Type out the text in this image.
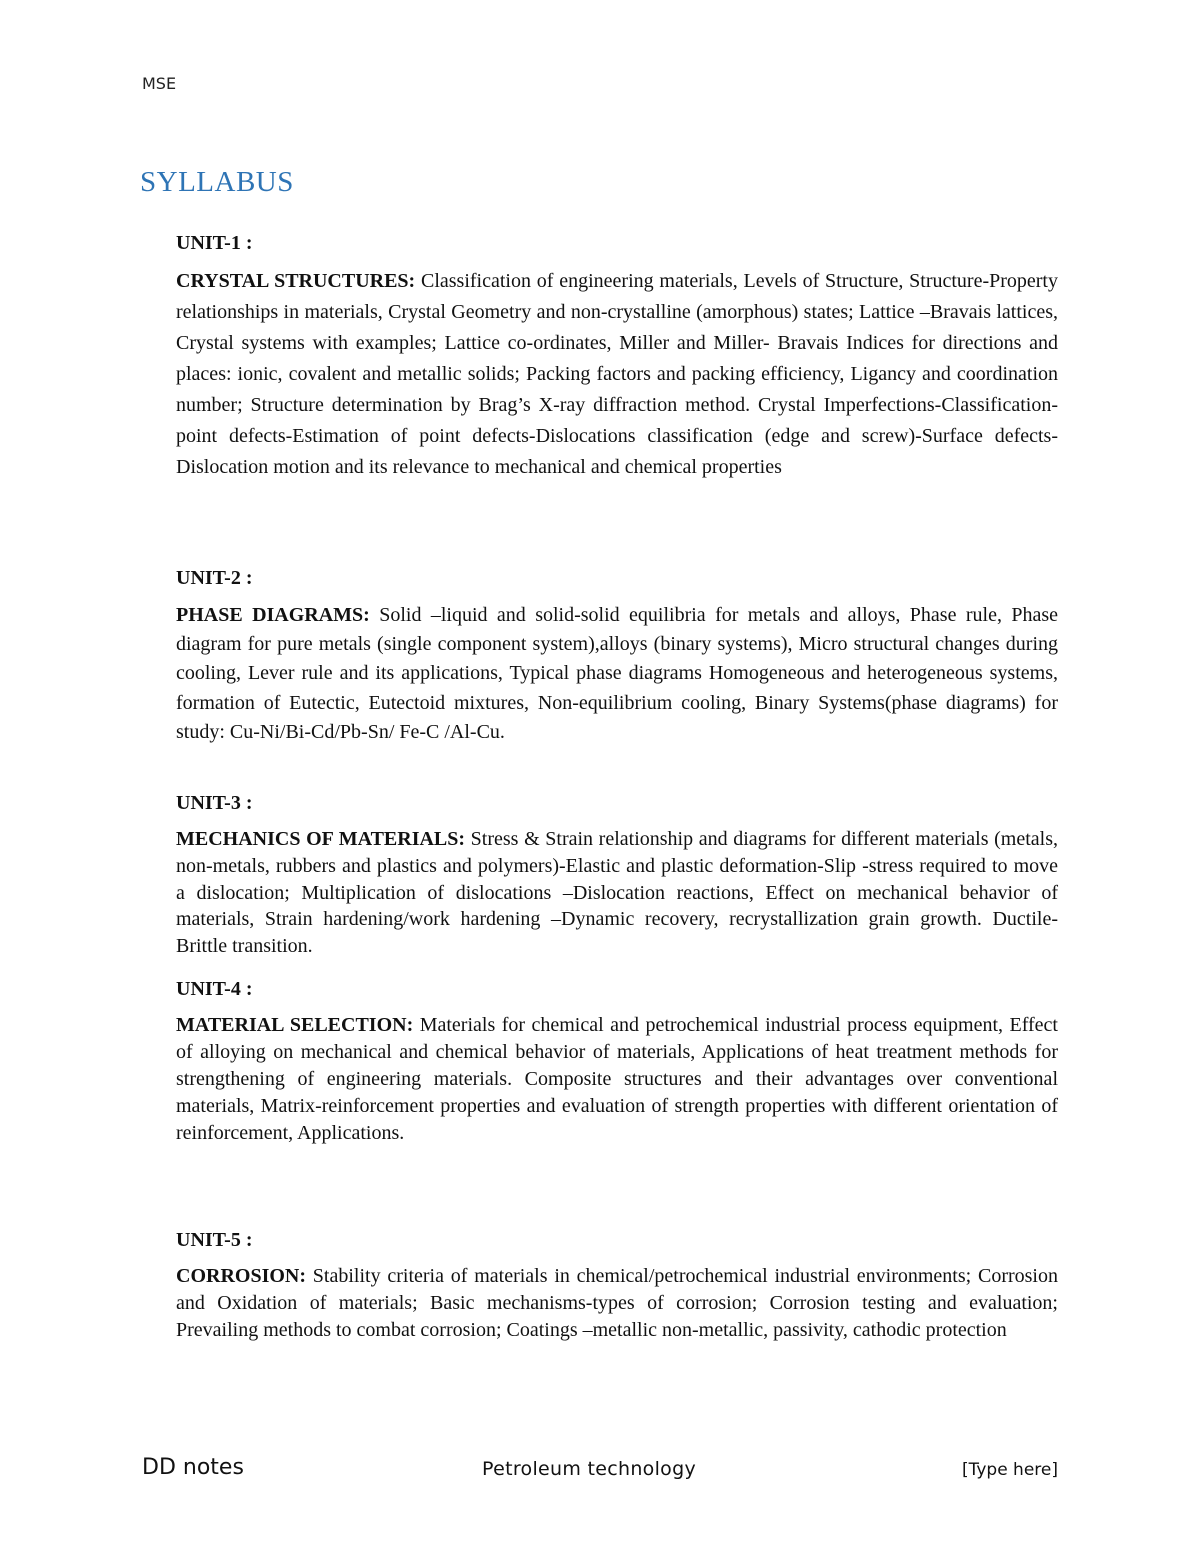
MSE
SYLLABUS
UNIT-1 :

CRYSTAL STRUCTURES: Classification of engineering materials, Levels of Structure, Structure-Property relationships in materials, Crystal Geometry and non-crystalline (amorphous) states; Lattice –Bravais lattices, Crystal systems with examples; Lattice co-ordinates, Miller and Miller- Bravais Indices for directions and places: ionic, covalent and metallic solids; Packing factors and packing efficiency, Ligancy and coordination number; Structure determination by Brag’s X-ray diffraction method. Crystal Imperfections-Classification-point defects-Estimation of point defects-Dislocations classification (edge and screw)-Surface defects-Dislocation motion and its relevance to mechanical and chemical properties

UNIT-2 :

PHASE DIAGRAMS: Solid –liquid and solid-solid equilibria for metals and alloys, Phase rule, Phase diagram for pure metals (single component system),alloys (binary systems), Micro structural changes during cooling, Lever rule and its applications, Typical phase diagrams Homogeneous and heterogeneous systems, formation of Eutectic, Eutectoid mixtures, Non-equilibrium cooling, Binary Systems(phase diagrams) for study: Cu-Ni/Bi-Cd/Pb-Sn/ Fe-C /Al-Cu.

UNIT-3 :

MECHANICS OF MATERIALS: Stress & Strain relationship and diagrams for different materials (metals, non-metals, rubbers and plastics and polymers)-Elastic and plastic deformation-Slip -stress required to move a dislocation; Multiplication of dislocations –Dislocation reactions, Effect on mechanical behavior of materials, Strain hardening/work hardening –Dynamic recovery, recrystallization grain growth. Ductile-Brittle transition.

UNIT-4 :

MATERIAL SELECTION: Materials for chemical and petrochemical industrial process equipment, Effect of alloying on mechanical and chemical behavior of materials, Applications of heat treatment methods for strengthening of engineering materials. Composite structures and their advantages over conventional materials, Matrix-reinforcement properties and evaluation of strength properties with different orientation of reinforcement, Applications.

UNIT-5 :

CORROSION: Stability criteria of materials in chemical/petrochemical industrial environments; Corrosion and Oxidation of materials; Basic mechanisms-types of corrosion; Corrosion testing and evaluation; Prevailing methods to combat corrosion; Coatings –metallic non-metallic, passivity, cathodic protection

DD notes	Petroleum technology	[Type here]
